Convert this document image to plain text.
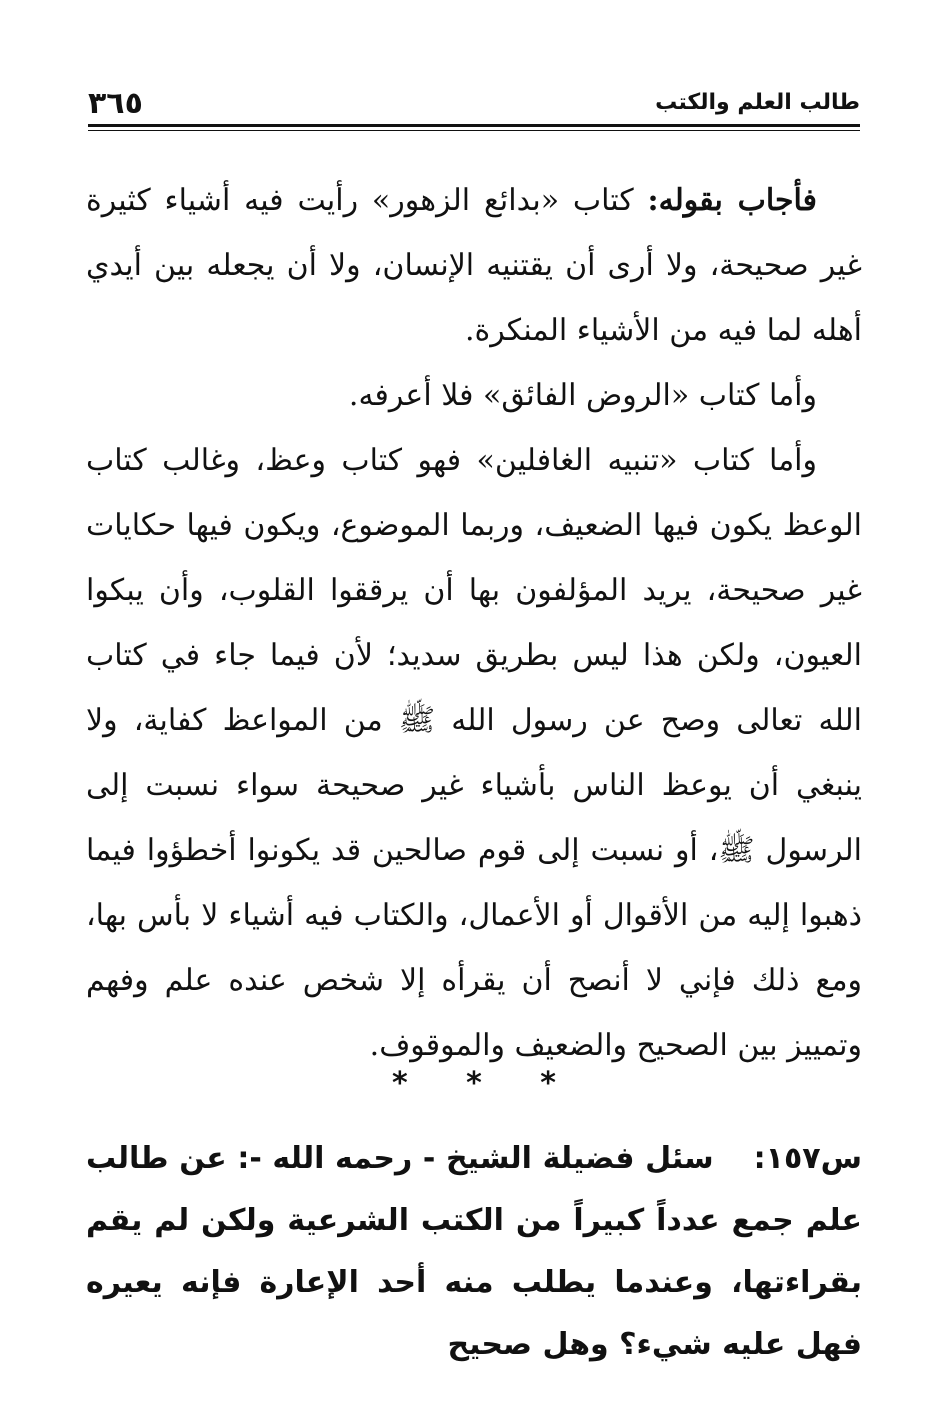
طالب العلم والكتب
٣٦٥

فأجاب بقوله: كتاب «بدائع الزهور» رأيت فيه أشياء كثيرة غير صحيحة، ولا أرى أن يقتنيه الإنسان، ولا أن يجعله بين أيدي أهله لما فيه من الأشياء المنكرة.

وأما كتاب «الروض الفائق» فلا أعرفه.

وأما كتاب «تنبيه الغافلين» فهو كتاب وعظ، وغالب كتاب الوعظ يكون فيها الضعيف، وربما الموضوع، ويكون فيها حكايات غير صحيحة، يريد المؤلفون بها أن يرققوا القلوب، وأن يبكوا العيون، ولكن هذا ليس بطريق سديد؛ لأن فيما جاء في كتاب الله تعالى وصح عن رسول الله ﷺ من المواعظ كفاية، ولا ينبغي أن يوعظ الناس بأشياء غير صحيحة سواء نسبت إلى الرسول ﷺ، أو نسبت إلى قوم صالحين قد يكونوا أخطؤوا فيما ذهبوا إليه من الأقوال أو الأعمال، والكتاب فيه أشياء لا بأس بها، ومع ذلك فإني لا أنصح أن يقرأه إلا شخص عنده علم وفهم وتمييز بين الصحيح والضعيف والموقوف.

* * *
س١٥٧:سئل فضيلة الشيخ - رحمه الله -: عن طالب علم جمع عدداً كبيراً من الكتب الشرعية ولكن لم يقم بقراءتها، وعندما يطلب منه أحد الإعارة فإنه يعيره فهل عليه شيء؟ وهل صحيح
